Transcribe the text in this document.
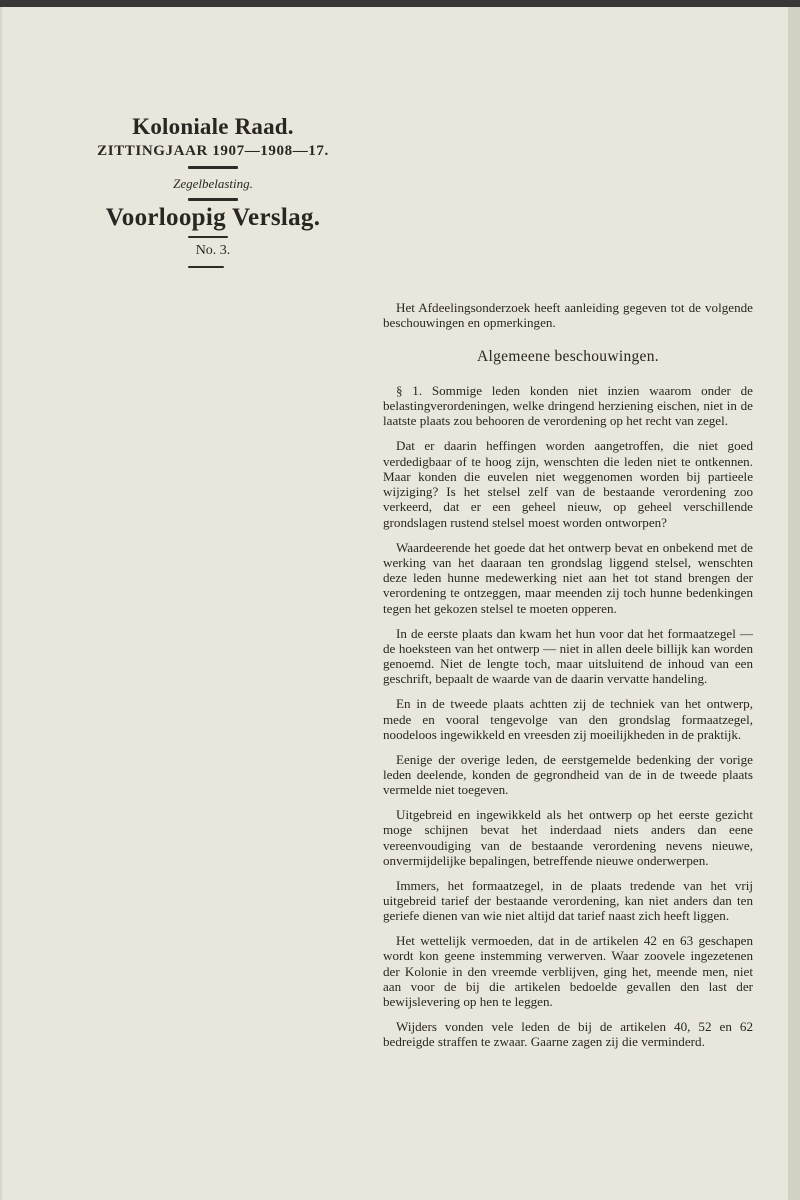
Koloniale Raad.
ZITTINGJAAR 1907—1908—17.
Zegelbelasting.
Voorloopig Verslag.
No. 3.

Het Afdeelingsonderzoek heeft aanleiding gegeven tot de volgende beschouwingen en opmerkingen.

Algemeene beschouwingen.

§ 1. Sommige leden konden niet inzien waarom onder de belastingverordeningen, welke dringend herziening eischen, niet in de laatste plaats zou behooren de verordening op het recht van zegel.

Dat er daarin heffingen worden aangetroffen, die niet goed verdedigbaar of te hoog zijn, wenschten die leden niet te ontkennen. Maar konden die euvelen niet weggenomen worden bij partieele wijziging? Is het stelsel zelf van de bestaande verordening zoo verkeerd, dat er een geheel nieuw, op geheel verschillende grondslagen rustend stelsel moest worden ontworpen?

Waardeerende het goede dat het ontwerp bevat en onbekend met de werking van het daaraan ten grondslag liggend stelsel, wenschten deze leden hunne medewerking niet aan het tot stand brengen der verordening te ontzeggen, maar meenden zij toch hunne bedenkingen tegen het gekozen stelsel te moeten opperen.

In de eerste plaats dan kwam het hun voor dat het formaatzegel — de hoeksteen van het ontwerp — niet in allen deele billijk kan worden genoemd. Niet de lengte toch, maar uitsluitend de inhoud van een geschrift, bepaalt de waarde van de daarin vervatte handeling.

En in de tweede plaats achtten zij de techniek van het ontwerp, mede en vooral tengevolge van den grondslag formaatzegel, noodeloos ingewikkeld en vreesden zij moeilijkheden in de praktijk.

Eenige der overige leden, de eerstgemelde bedenking der vorige leden deelende, konden de gegrondheid van de in de tweede plaats vermelde niet toegeven.

Uitgebreid en ingewikkeld als het ontwerp op het eerste gezicht moge schijnen bevat het inderdaad niets anders dan eene vereenvoudiging van de bestaande verordening nevens nieuwe, onvermijdelijke bepalingen, betreffende nieuwe onderwerpen.

Immers, het formaatzegel, in de plaats tredende van het vrij uitgebreid tarief der bestaande verordening, kan niet anders dan ten geriefe dienen van wie niet altijd dat tarief naast zich heeft liggen.

Het wettelijk vermoeden, dat in de artikelen 42 en 63 geschapen wordt kon geene instemming verwerven. Waar zoovele ingezetenen der Kolonie in den vreemde verblijven, ging het, meende men, niet aan voor de bij die artikelen bedoelde gevallen den last der bewijslevering op hen te leggen.

Wijders vonden vele leden de bij de artikelen 40, 52 en 62 bedreigde straffen te zwaar. Gaarne zagen zij die verminderd.
